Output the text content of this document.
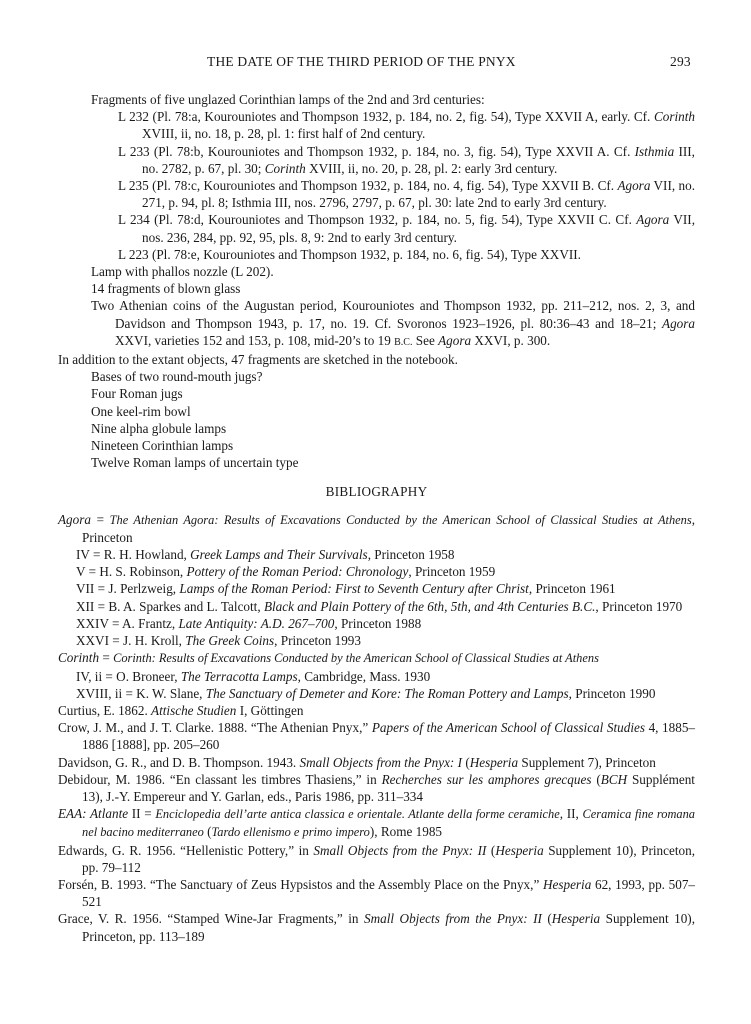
THE DATE OF THE THIRD PERIOD OF THE PNYX	293

Fragments of five unglazed Corinthian lamps of the 2nd and 3rd centuries:

L 232 (Pl. 78:a, Kourouniotes and Thompson 1932, p. 184, no. 2, fig. 54), Type XXVII A, early. Cf. Corinth XVIII, ii, no. 18, p. 28, pl. 1: first half of 2nd century.

L 233 (Pl. 78:b, Kourouniotes and Thompson 1932, p. 184, no. 3, fig. 54), Type XXVII A. Cf. Isthmia III, no. 2782, p. 67, pl. 30; Corinth XVIII, ii, no. 20, p. 28, pl. 2: early 3rd century.

L 235 (Pl. 78:c, Kourouniotes and Thompson 1932, p. 184, no. 4, fig. 54), Type XXVII B. Cf. Agora VII, no. 271, p. 94, pl. 8; Isthmia III, nos. 2796, 2797, p. 67, pl. 30: late 2nd to early 3rd century.

L 234 (Pl. 78:d, Kourouniotes and Thompson 1932, p. 184, no. 5, fig. 54), Type XXVII C. Cf. Agora VII, nos. 236, 284, pp. 92, 95, pls. 8, 9: 2nd to early 3rd century.

L 223 (Pl. 78:e, Kourouniotes and Thompson 1932, p. 184, no. 6, fig. 54), Type XXVII.

Lamp with phallos nozzle (L 202).

14 fragments of blown glass

Two Athenian coins of the Augustan period, Kourouniotes and Thompson 1932, pp. 211–212, nos. 2, 3, and Davidson and Thompson 1943, p. 17, no. 19. Cf. Svoronos 1923–1926, pl. 80:36–43 and 18–21; Agora XXVI, varieties 152 and 153, p. 108, mid-20’s to 19 B.C. See Agora XXVI, p. 300.

In addition to the extant objects, 47 fragments are sketched in the notebook.

Bases of two round-mouth jugs?

Four Roman jugs

One keel-rim bowl

Nine alpha globule lamps

Nineteen Corinthian lamps

Twelve Roman lamps of uncertain type

BIBLIOGRAPHY

Agora = The Athenian Agora: Results of Excavations Conducted by the American School of Classical Studies at Athens, Princeton

IV = R. H. Howland, Greek Lamps and Their Survivals, Princeton 1958

V = H. S. Robinson, Pottery of the Roman Period: Chronology, Princeton 1959

VII = J. Perlzweig, Lamps of the Roman Period: First to Seventh Century after Christ, Princeton 1961

XII = B. A. Sparkes and L. Talcott, Black and Plain Pottery of the 6th, 5th, and 4th Centuries B.C., Princeton 1970

XXIV = A. Frantz, Late Antiquity: A.D. 267–700, Princeton 1988

XXVI = J. H. Kroll, The Greek Coins, Princeton 1993

Corinth = Corinth: Results of Excavations Conducted by the American School of Classical Studies at Athens

IV, ii = O. Broneer, The Terracotta Lamps, Cambridge, Mass. 1930

XVIII, ii = K. W. Slane, The Sanctuary of Demeter and Kore: The Roman Pottery and Lamps, Princeton 1990

Curtius, E. 1862. Attische Studien I, Göttingen

Crow, J. M., and J. T. Clarke. 1888. “The Athenian Pnyx,” Papers of the American School of Classical Studies 4, 1885–1886 [1888], pp. 205–260

Davidson, G. R., and D. B. Thompson. 1943. Small Objects from the Pnyx: I (Hesperia Supplement 7), Princeton

Debidour, M. 1986. “En classant les timbres Thasiens,” in Recherches sur les amphores grecques (BCH Supplément 13), J.-Y. Empereur and Y. Garlan, eds., Paris 1986, pp. 311–334

EAA: Atlante II = Enciclopedia dell’arte antica classica e orientale. Atlante della forme ceramiche, II, Ceramica fine romana nel bacino mediterraneo (Tardo ellenismo e primo impero), Rome 1985

Edwards, G. R. 1956. “Hellenistic Pottery,” in Small Objects from the Pnyx: II (Hesperia Supplement 10), Princeton, pp. 79–112

Forsén, B. 1993. “The Sanctuary of Zeus Hypsistos and the Assembly Place on the Pnyx,” Hesperia 62, 1993, pp. 507–521

Grace, V. R. 1956. “Stamped Wine-Jar Fragments,” in Small Objects from the Pnyx: II (Hesperia Supplement 10), Princeton, pp. 113–189
